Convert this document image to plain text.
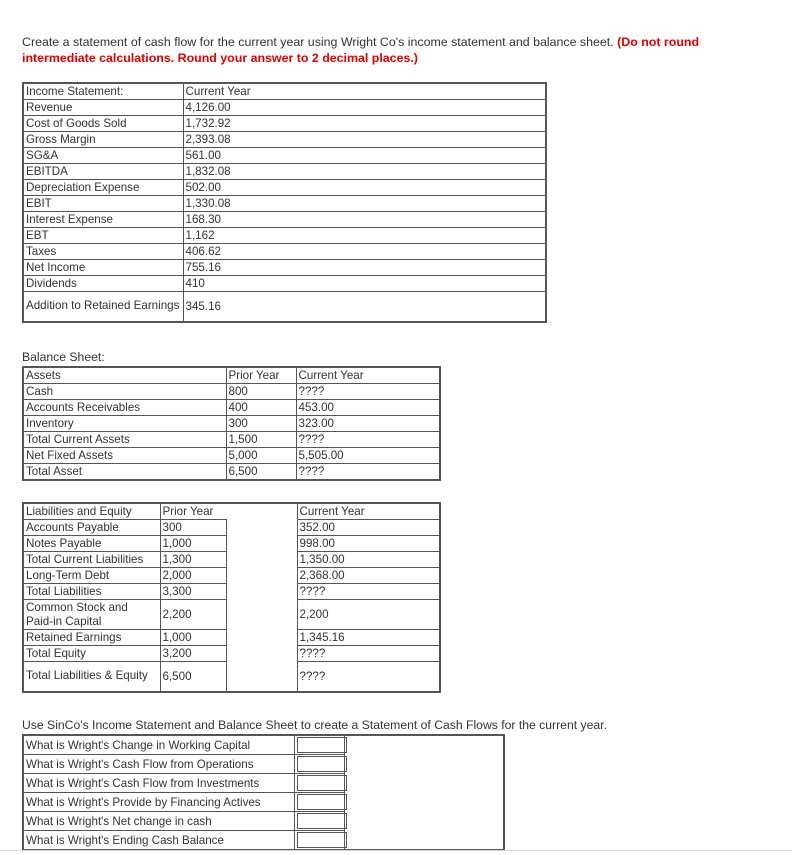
Create a statement of cash flow for the current year using Wright Co's income statement and balance sheet. (Do not round intermediate calculations. Round your answer to 2 decimal places.)
Income Statement:	Current Year
Revenue	4,126.00
Cost of Goods Sold	1,732.92
Gross Margin	2,393.08
SG&A	561.00
EBITDA	1,832.08
Depreciation Expense	502.00
EBIT	1,330.08
Interest Expense	168.30
EBT	1,162
Taxes	406.62
Net Income	755.16
Dividends	410
Addition to Retained Earnings	345.16
Balance Sheet:
Assets	Prior Year	Current Year
Cash	800	????
Accounts Receivables	400	453.00
Inventory	300	323.00
Total Current Assets	1,500	????
Net Fixed Assets	5,000	5,505.00
Total Asset	6,500	????
Liabilities and Equity	Prior Year		Current Year
Accounts Payable	300		352.00
Notes Payable	1,000		998.00
Total Current Liabilities	1,300		1,350.00
Long-Term Debt	2,000		2,368.00
Total Liabilities	3,300		????
Common Stock and Paid-in Capital	2,200		2,200
Retained Earnings	1,000		1,345.16
Total Equity	3,200		????
Total Liabilities & Equity	6,500		????
Use SinCo's Income Statement and Balance Sheet to create a Statement of Cash Flows for the current year.
What is Wright's Change in Working Capital	

What is Wright's Cash Flow from Operations	

What is Wright's Cash Flow from Investments	

What is Wright's Provide by Financing Actives	

What is Wright's Net change in cash	

What is Wright's Ending Cash Balance	
